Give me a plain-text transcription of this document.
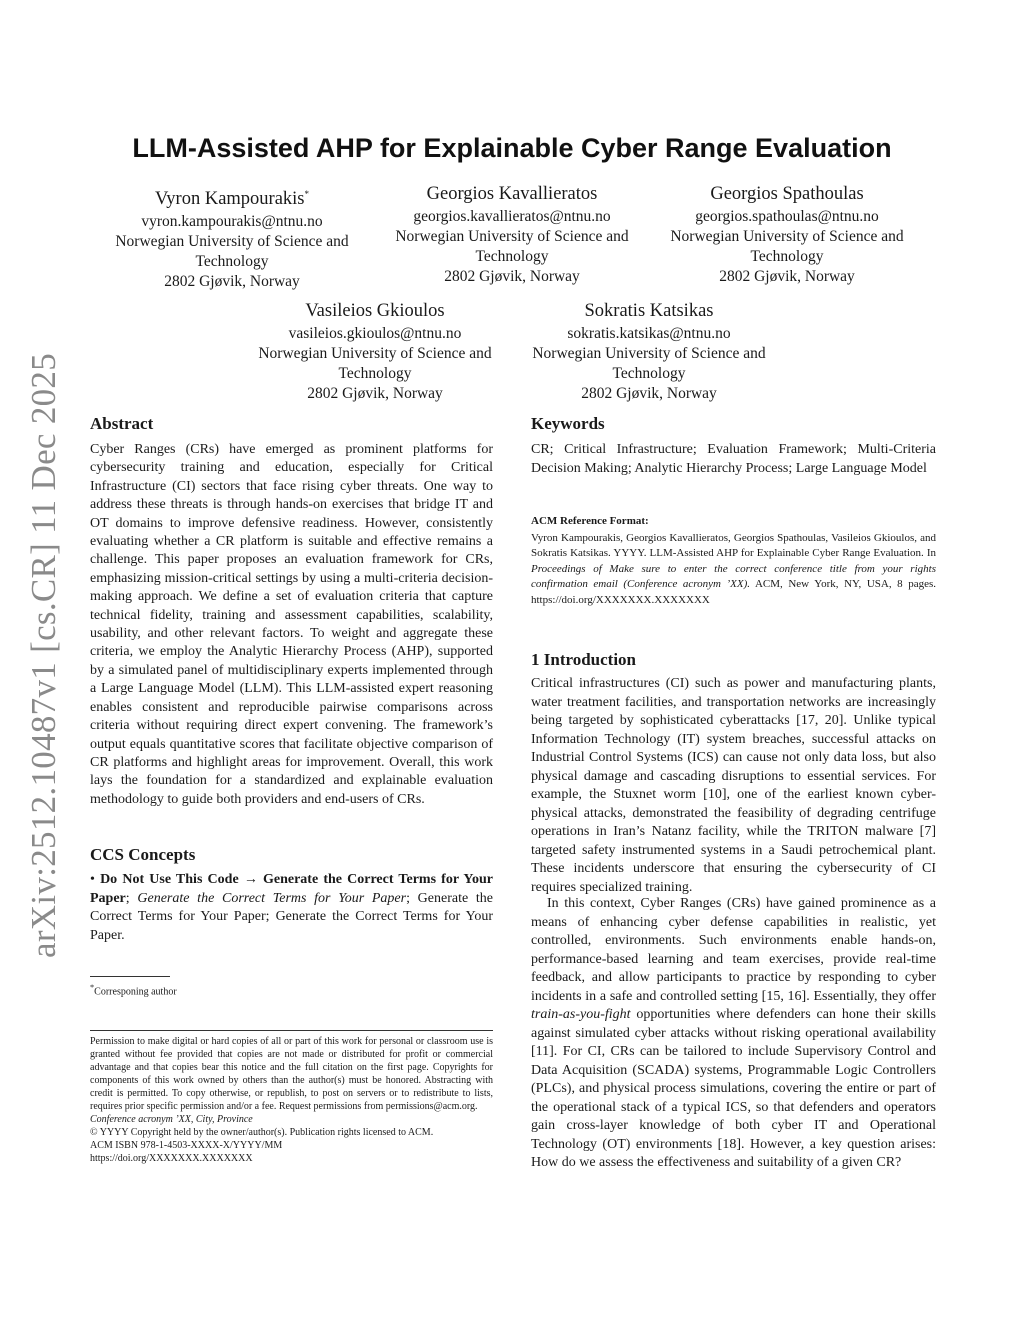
arXiv:2512.10487v1 [cs.CR] 11 Dec 2025
LLM-Assisted AHP for Explainable Cyber Range Evaluation
Vyron Kampourakis*
vyron.kampourakis@ntnu.no
Norwegian University of Science and
Technology
2802 Gjøvik, Norway
Georgios Kavallieratos
georgios.kavallieratos@ntnu.no
Norwegian University of Science and
Technology
2802 Gjøvik, Norway
Georgios Spathoulas
georgios.spathoulas@ntnu.no
Norwegian University of Science and
Technology
2802 Gjøvik, Norway
Vasileios Gkioulos
vasileios.gkioulos@ntnu.no
Norwegian University of Science and
Technology
2802 Gjøvik, Norway
Sokratis Katsikas
sokratis.katsikas@ntnu.no
Norwegian University of Science and
Technology
2802 Gjøvik, Norway
Abstract

Cyber Ranges (CRs) have emerged as prominent platforms for cybersecurity training and education, especially for Critical Infrastructure (CI) sectors that face rising cyber threats. One way to address these threats is through hands-on exercises that bridge IT and OT domains to improve defensive readiness. However, consistently evaluating whether a CR platform is suitable and effective remains a challenge. This paper proposes an evaluation framework for CRs, emphasizing mission-critical settings by using a multi-criteria decision-making approach. We define a set of evaluation criteria that capture technical fidelity, training and assessment capabilities, scalability, usability, and other relevant factors. To weight and aggregate these criteria, we employ the Analytic Hierarchy Process (AHP), supported by a simulated panel of multidisciplinary experts implemented through a Large Language Model (LLM). This LLM-assisted expert reasoning enables consistent and reproducible pairwise comparisons across criteria without requiring direct expert convening. The framework’s output equals quantitative scores that facilitate objective comparison of CR platforms and highlight areas for improvement. Overall, this work lays the foundation for a standardized and explainable evaluation methodology to guide both providers and end-users of CRs.

CCS Concepts

• Do Not Use This Code → Generate the Correct Terms for Your Paper; Generate the Correct Terms for Your Paper; Generate the Correct Terms for Your Paper; Generate the Correct Terms for Your Paper.

*Corresponing author
Permission to make digital or hard copies of all or part of this work for personal or classroom use is granted without fee provided that copies are not made or distributed for profit or commercial advantage and that copies bear this notice and the full citation on the first page. Copyrights for components of this work owned by others than the author(s) must be honored. Abstracting with credit is permitted. To copy otherwise, or republish, to post on servers or to redistribute to lists, requires prior specific permission and/or a fee. Request permissions from permissions@acm.org.
Conference acronym ’XX, City, Province
© YYYY Copyright held by the owner/author(s). Publication rights licensed to ACM.
ACM ISBN 978-1-4503-XXXX-X/YYYY/MM
https://doi.org/XXXXXXX.XXXXXXX
Keywords

CR; Critical Infrastructure; Evaluation Framework; Multi-Criteria Decision Making; Analytic Hierarchy Process; Large Language Model

ACM Reference Format:
Vyron Kampourakis, Georgios Kavallieratos, Georgios Spathoulas, Vasileios Gkioulos, and Sokratis Katsikas. YYYY. LLM-Assisted AHP for Explainable Cyber Range Evaluation. In Proceedings of Make sure to enter the correct conference title from your rights confirmation email (Conference acronym ’XX). ACM, New York, NY, USA, 8 pages. https://doi.org/XXXXXXX.XXXXXXX
1 Introduction

Critical infrastructures (CI) such as power and manufacturing plants, water treatment facilities, and transportation networks are increasingly being targeted by sophisticated cyberattacks [17, 20]. Unlike typical Information Technology (IT) system breaches, successful attacks on Industrial Control Systems (ICS) can cause not only data loss, but also physical damage and cascading disruptions to essential services. For example, the Stuxnet worm [10], one of the earliest known cyber-physical attacks, demonstrated the feasibility of degrading centrifuge operations in Iran’s Natanz facility, while the TRITON malware [7] targeted safety instrumented systems in a Saudi petrochemical plant. These incidents underscore that ensuring the cybersecurity of CI requires specialized training.

In this context, Cyber Ranges (CRs) have gained prominence as a means of enhancing cyber defense capabilities in realistic, yet controlled, environments. Such environments enable hands-on, performance-based learning and team exercises, provide real-time feedback, and allow participants to practice by responding to cyber incidents in a safe and controlled setting [15, 16]. Essentially, they offer train-as-you-fight opportunities where defenders can hone their skills against simulated cyber attacks without risking operational availability [11]. For CI, CRs can be tailored to include Supervisory Control and Data Acquisition (SCADA) systems, Programmable Logic Controllers (PLCs), and physical process simulations, covering the entire or part of the operational stack of a typical ICS, so that defenders and operators gain cross-layer knowledge of both cyber IT and Operational Technology (OT) environments [18]. However, a key question arises: How do we assess the effectiveness and suitability of a given CR?
